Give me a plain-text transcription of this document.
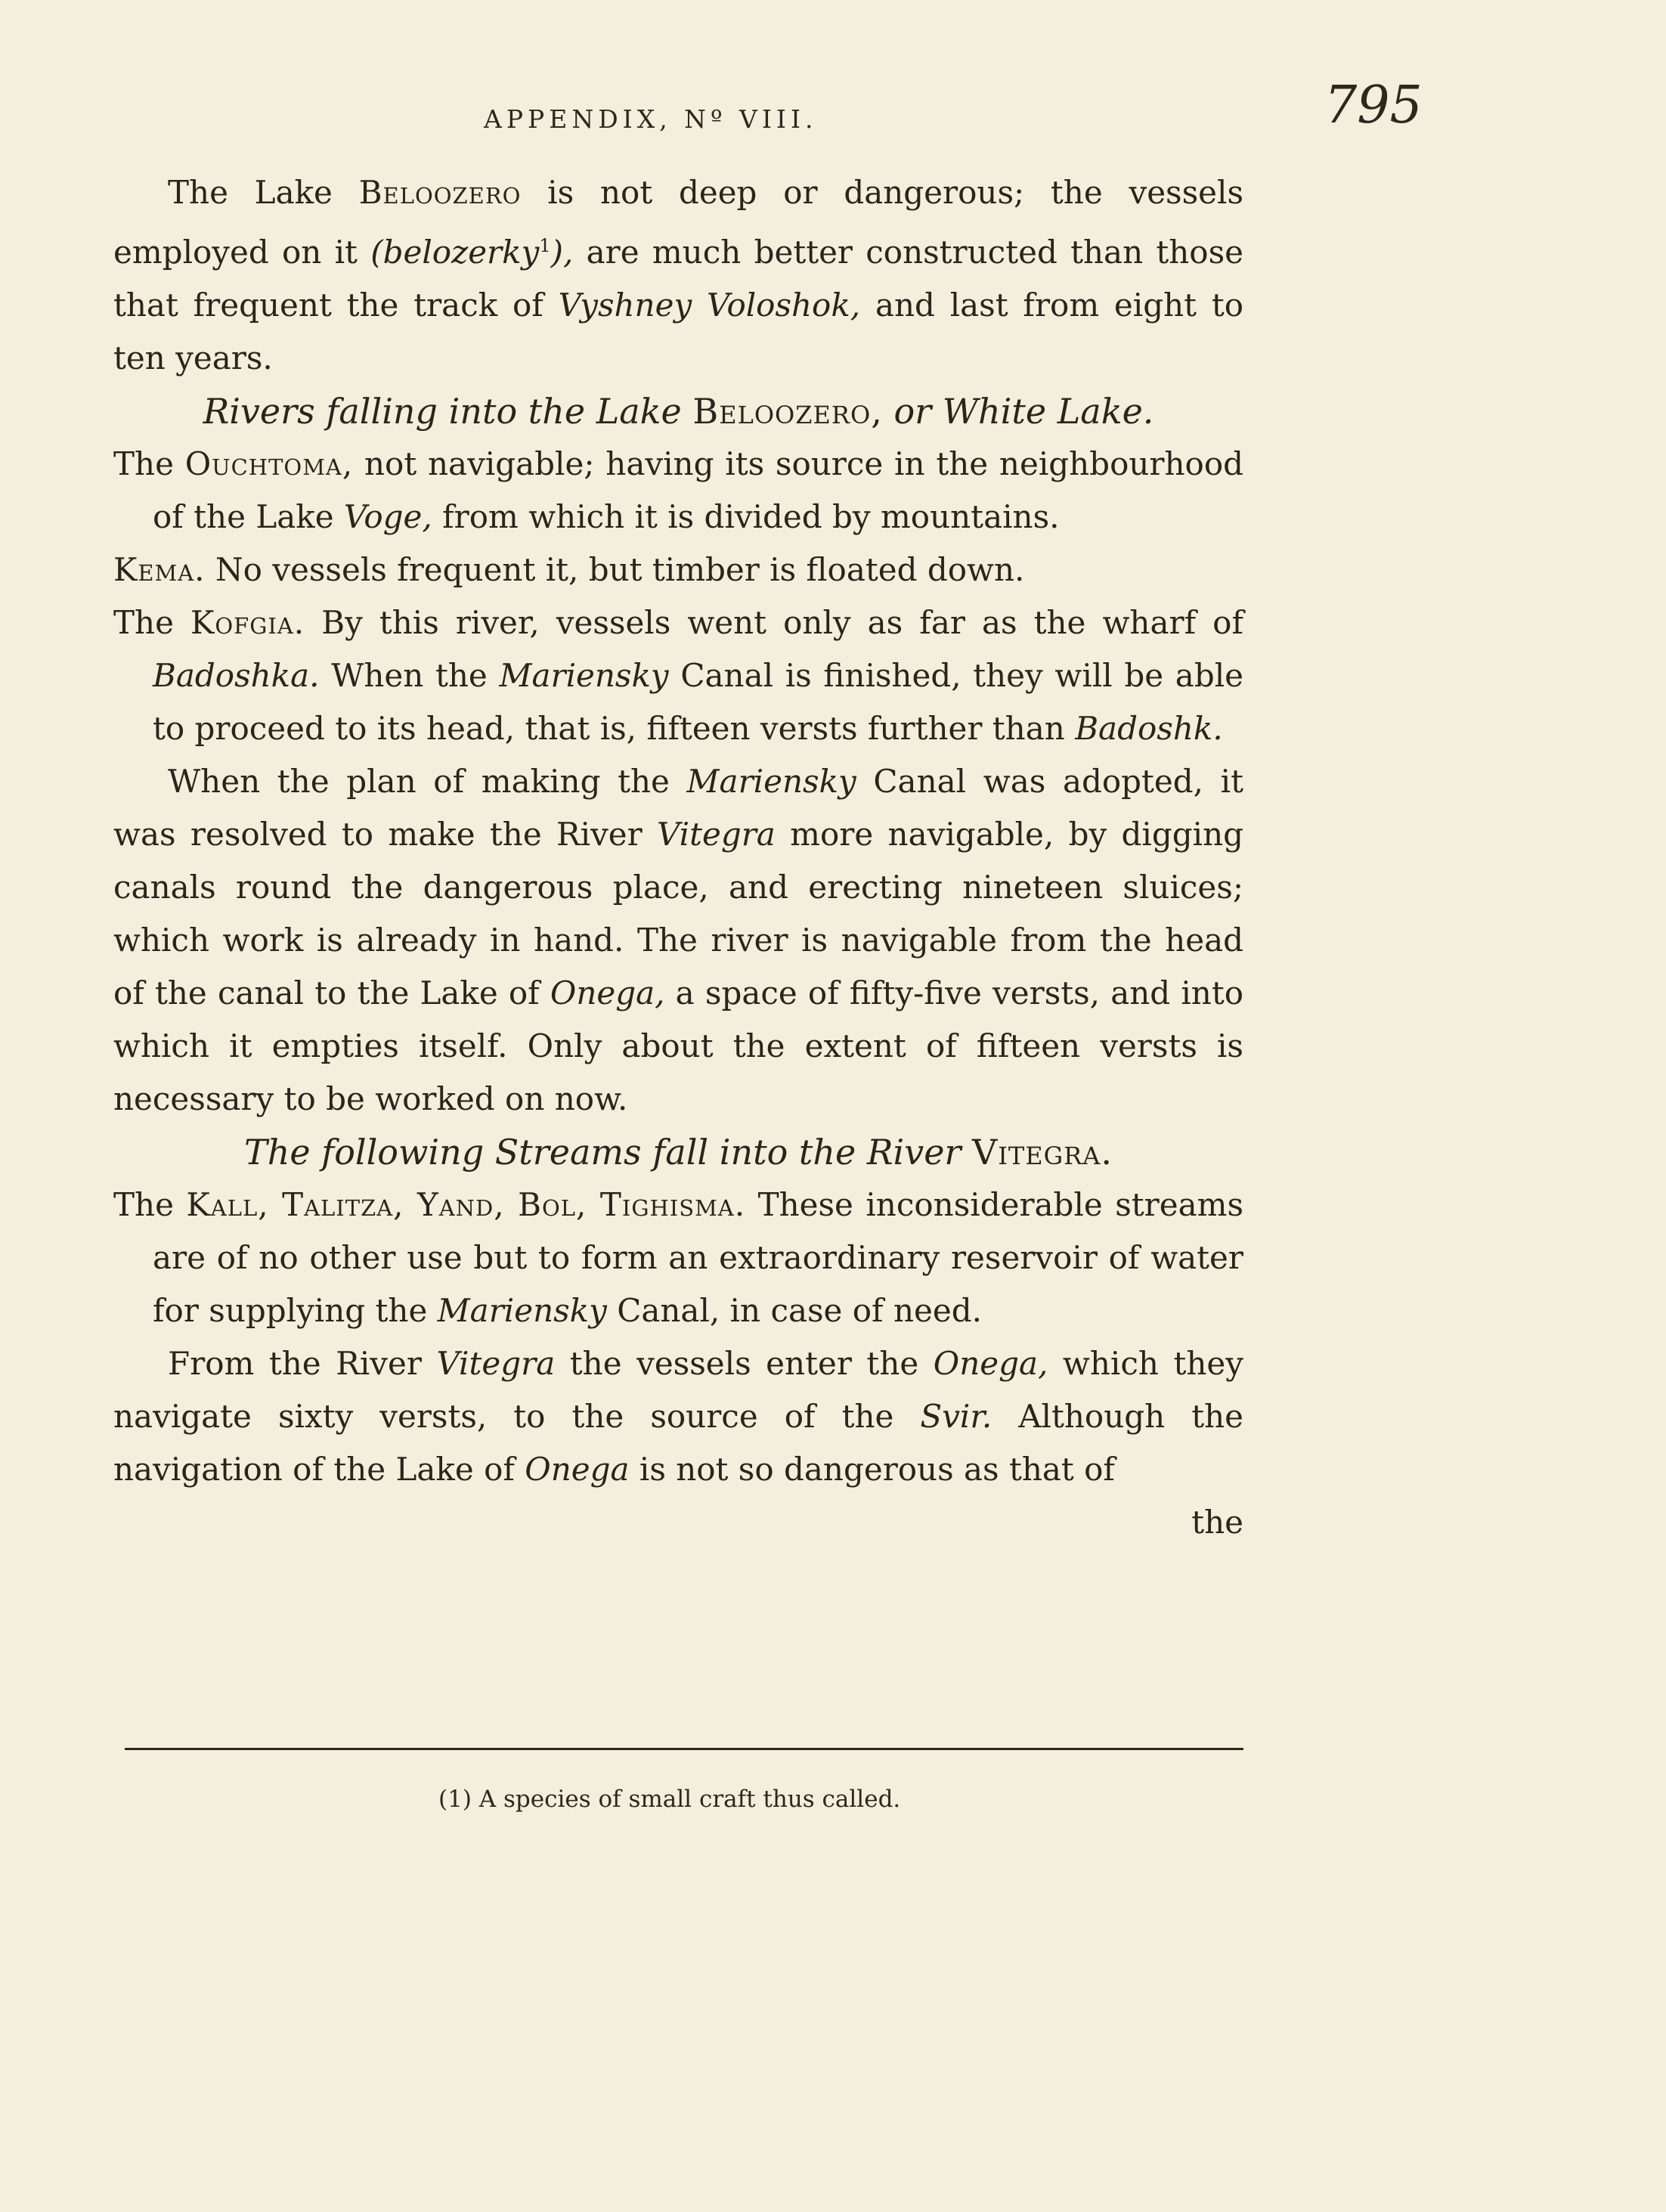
APPENDIX, Nº VIII.	795

The Lake Beloozero is not deep or dangerous; the vessels employed on it (belozerky$^1$), are much better constructed than those that frequent the track of Vyshney Voloshok, and last from eight to ten years.

Rivers falling into the Lake Beloozero, or White Lake.

The Ouchtoma, not navigable; having its source in the neighbourhood of the Lake Voge, from which it is divided by mountains.

Kema. No vessels frequent it, but timber is floated down.

The Kofgia. By this river, vessels went only as far as the wharf of Badoshka. When the Mariensky Canal is finished, they will be able to proceed to its head, that is, fifteen versts further than Badoshk.

When the plan of making the Mariensky Canal was adopted, it was resolved to make the River Vitegra more navigable, by digging canals round the dangerous place, and erecting nineteen sluices; which work is already in hand. The river is navigable from the head of the canal to the Lake of Onega, a space of fifty-five versts, and into which it empties itself. Only about the extent of fifteen versts is necessary to be worked on now.

The following Streams fall into the River Vitegra.

The Kall, Talitza, Yand, Bol, Tighisma. These inconsiderable streams are of no other use but to form an extraordinary reservoir of water for supplying the Mariensky Canal, in case of need.

From the River Vitegra the vessels enter the Onega, which they navigate sixty versts, to the source of the Svir. Although the navigation of the Lake of Onega is not so dangerous as that of

the

(1) A species of small craft thus called.
